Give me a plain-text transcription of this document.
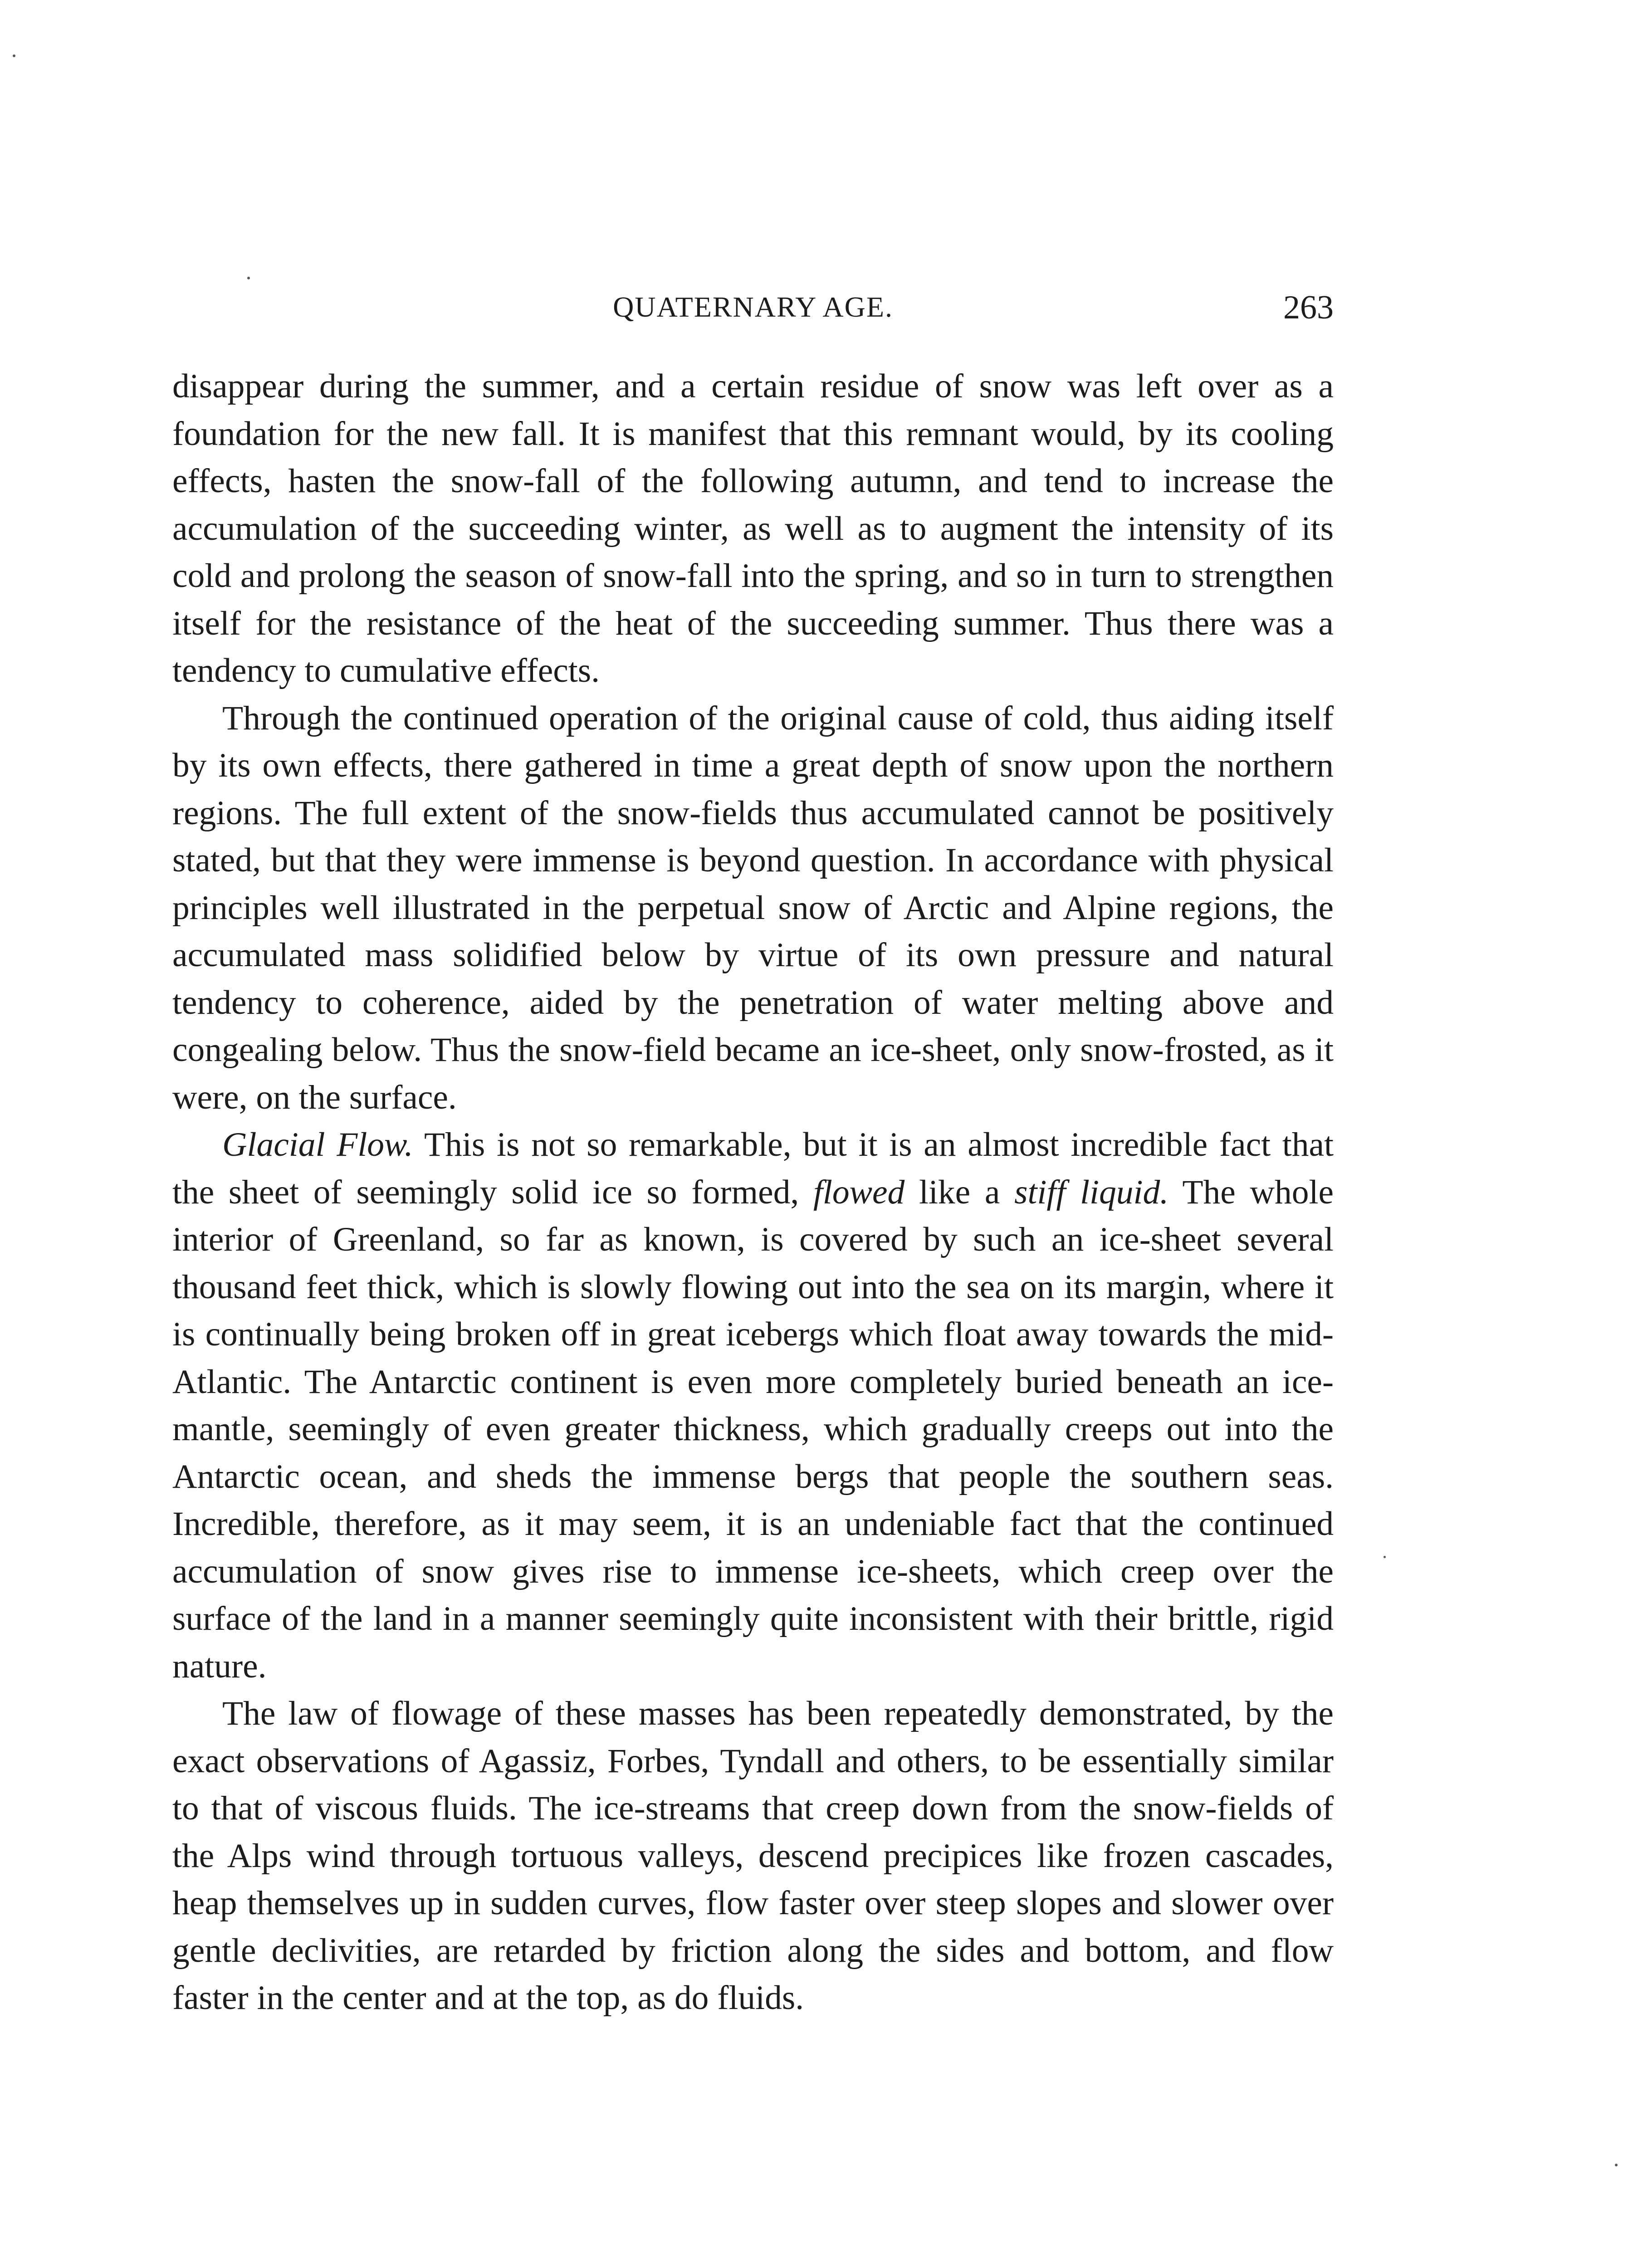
QUATERNARY AGE.	263

disappear during the summer, and a certain residue of snow was left over as a foundation for the new fall. It is manifest that this remnant would, by its cooling effects, hasten the snow-fall of the following autumn, and tend to increase the accumulation of the succeeding winter, as well as to augment the intensity of its cold and prolong the season of snow-fall into the spring, and so in turn to strengthen itself for the resistance of the heat of the succeeding summer. Thus there was a tendency to cumulative effects.

Through the continued operation of the original cause of cold, thus aiding itself by its own effects, there gathered in time a great depth of snow upon the northern regions. The full extent of the snow-fields thus accumulated cannot be positively stated, but that they were immense is beyond question. In accordance with physical principles well illustrated in the perpetual snow of Arctic and Alpine regions, the accumulated mass solidified below by virtue of its own pressure and natural tendency to coherence, aided by the penetration of water melting above and congealing below. Thus the snow-field became an ice-sheet, only snow-frosted, as it were, on the surface.

Glacial Flow. This is not so remarkable, but it is an almost incredible fact that the sheet of seemingly solid ice so formed, flowed like a stiff liquid. The whole interior of Greenland, so far as known, is covered by such an ice-sheet several thousand feet thick, which is slowly flowing out into the sea on its margin, where it is continually being broken off in great icebergs which float away towards the mid-Atlantic. The Antarctic continent is even more completely buried beneath an ice-mantle, seemingly of even greater thickness, which gradually creeps out into the Antarctic ocean, and sheds the immense bergs that people the southern seas. Incredible, therefore, as it may seem, it is an undeniable fact that the continued accumulation of snow gives rise to immense ice-sheets, which creep over the surface of the land in a manner seemingly quite inconsistent with their brittle, rigid nature.

The law of flowage of these masses has been repeatedly demonstrated, by the exact observations of Agassiz, Forbes, Tyndall and others, to be essentially similar to that of viscous fluids. The ice-streams that creep down from the snow-fields of the Alps wind through tortuous valleys, descend precipices like frozen cascades, heap themselves up in sudden curves, flow faster over steep slopes and slower over gentle declivities, are retarded by friction along the sides and bottom, and flow faster in the center and at the top, as do fluids.
